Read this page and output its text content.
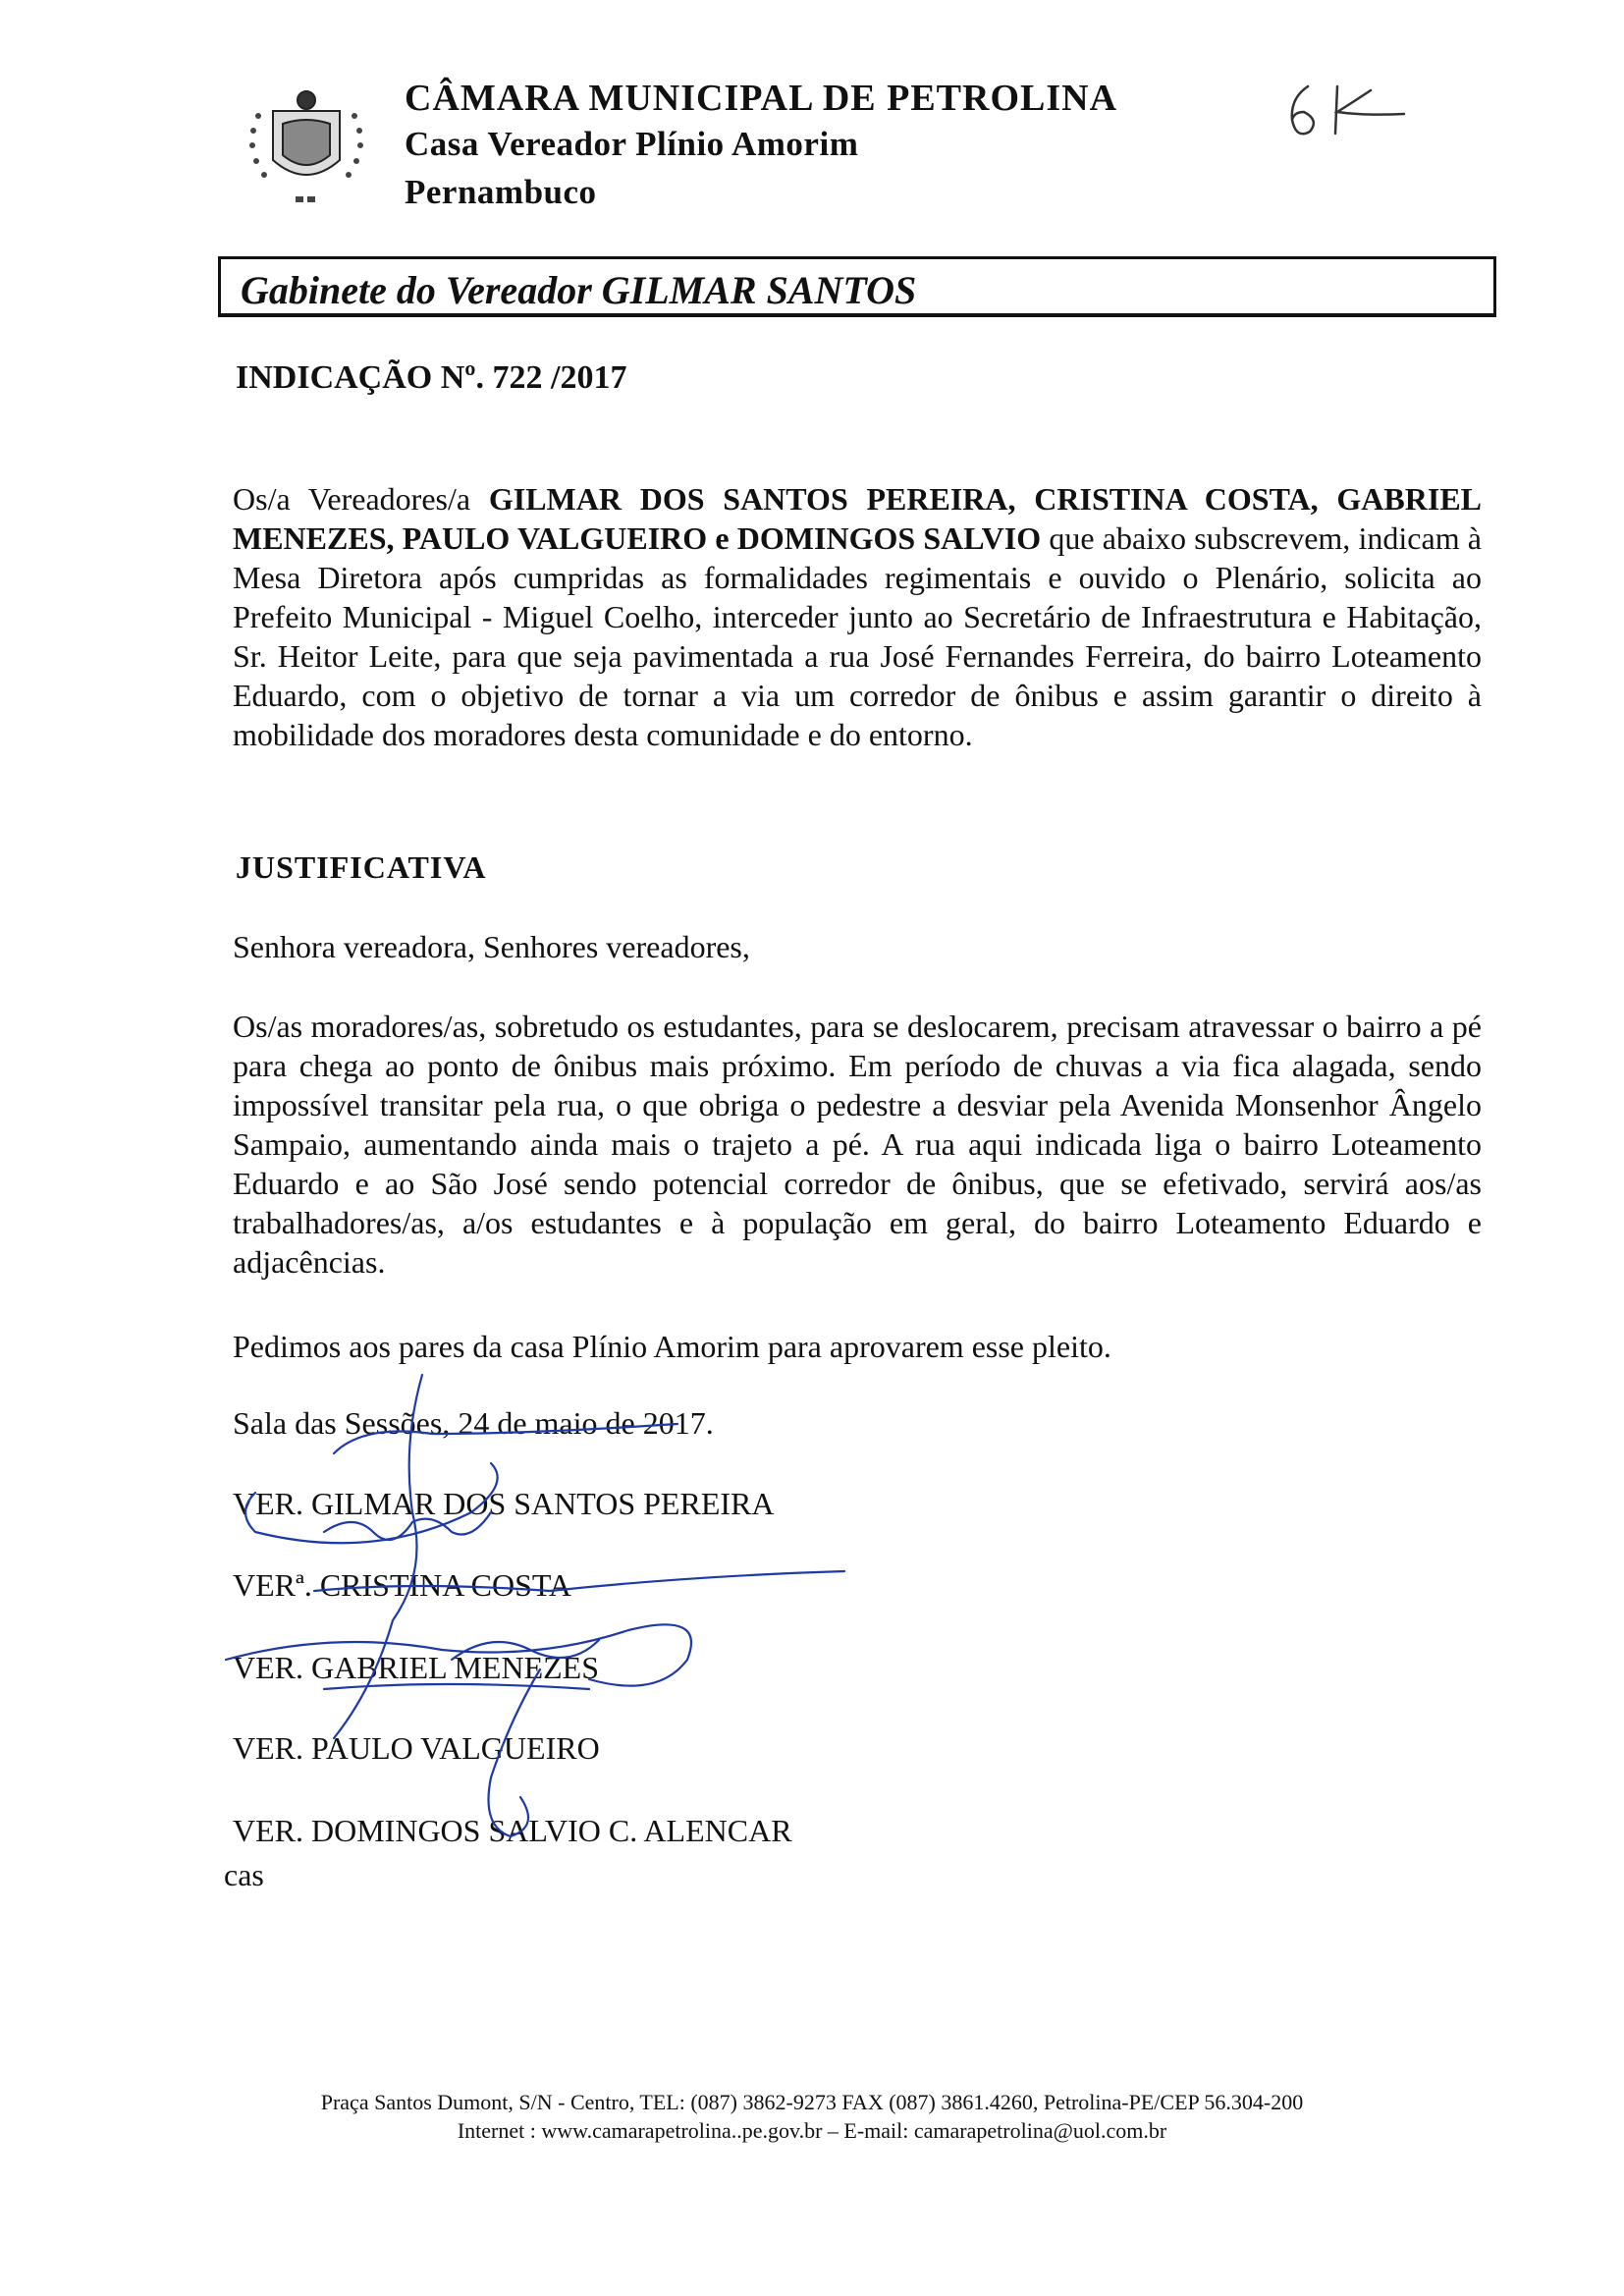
CÂMARA MUNICIPAL DE PETROLINA
Casa Vereador Plínio Amorim
Pernambuco
Gabinete do Vereador GILMAR SANTOS
INDICAÇÃO Nº. 722 /2017
Os/a Vereadores/a GILMAR DOS SANTOS PEREIRA, CRISTINA COSTA, GABRIEL MENEZES, PAULO VALGUEIRO e DOMINGOS SALVIO que abaixo subscrevem, indicam à Mesa Diretora após cumpridas as formalidades regimentais e ouvido o Plenário, solicita ao Prefeito Municipal - Miguel Coelho, interceder junto ao Secretário de Infraestrutura e Habitação, Sr. Heitor Leite, para que seja pavimentada a rua José Fernandes Ferreira, do bairro Loteamento Eduardo, com o objetivo de tornar a via um corredor de ônibus e assim garantir o direito à mobilidade dos moradores desta comunidade e do entorno.
JUSTIFICATIVA
Senhora vereadora, Senhores vereadores,
Os/as moradores/as, sobretudo os estudantes, para se deslocarem, precisam atravessar o bairro a pé para chega ao ponto de ônibus mais próximo. Em período de chuvas a via fica alagada, sendo impossível transitar pela rua, o que obriga o pedestre a desviar pela Avenida Monsenhor Ângelo Sampaio, aumentando ainda mais o trajeto a pé. A rua aqui indicada liga o bairro Loteamento Eduardo e ao São José sendo potencial corredor de ônibus, que se efetivado, servirá aos/as trabalhadores/as, a/os estudantes e à população em geral, do bairro Loteamento Eduardo e adjacências.
Pedimos aos pares da casa Plínio Amorim para aprovarem esse pleito.
Sala das Sessões, 24 de maio de 2017.
VER. GILMAR DOS SANTOS PEREIRA
VERª. CRISTINA COSTA
VER. GABRIEL MENEZES
VER. PAULO VALGUEIRO
VER. DOMINGOS SALVIO C. ALENCAR
cas
Praça Santos Dumont, S/N - Centro, TEL: (087) 3862-9273 FAX (087) 3861.4260, Petrolina-PE/CEP 56.304-200
Internet : www.camarapetrolina..pe.gov.br – E-mail: camarapetrolina@uol.com.br
